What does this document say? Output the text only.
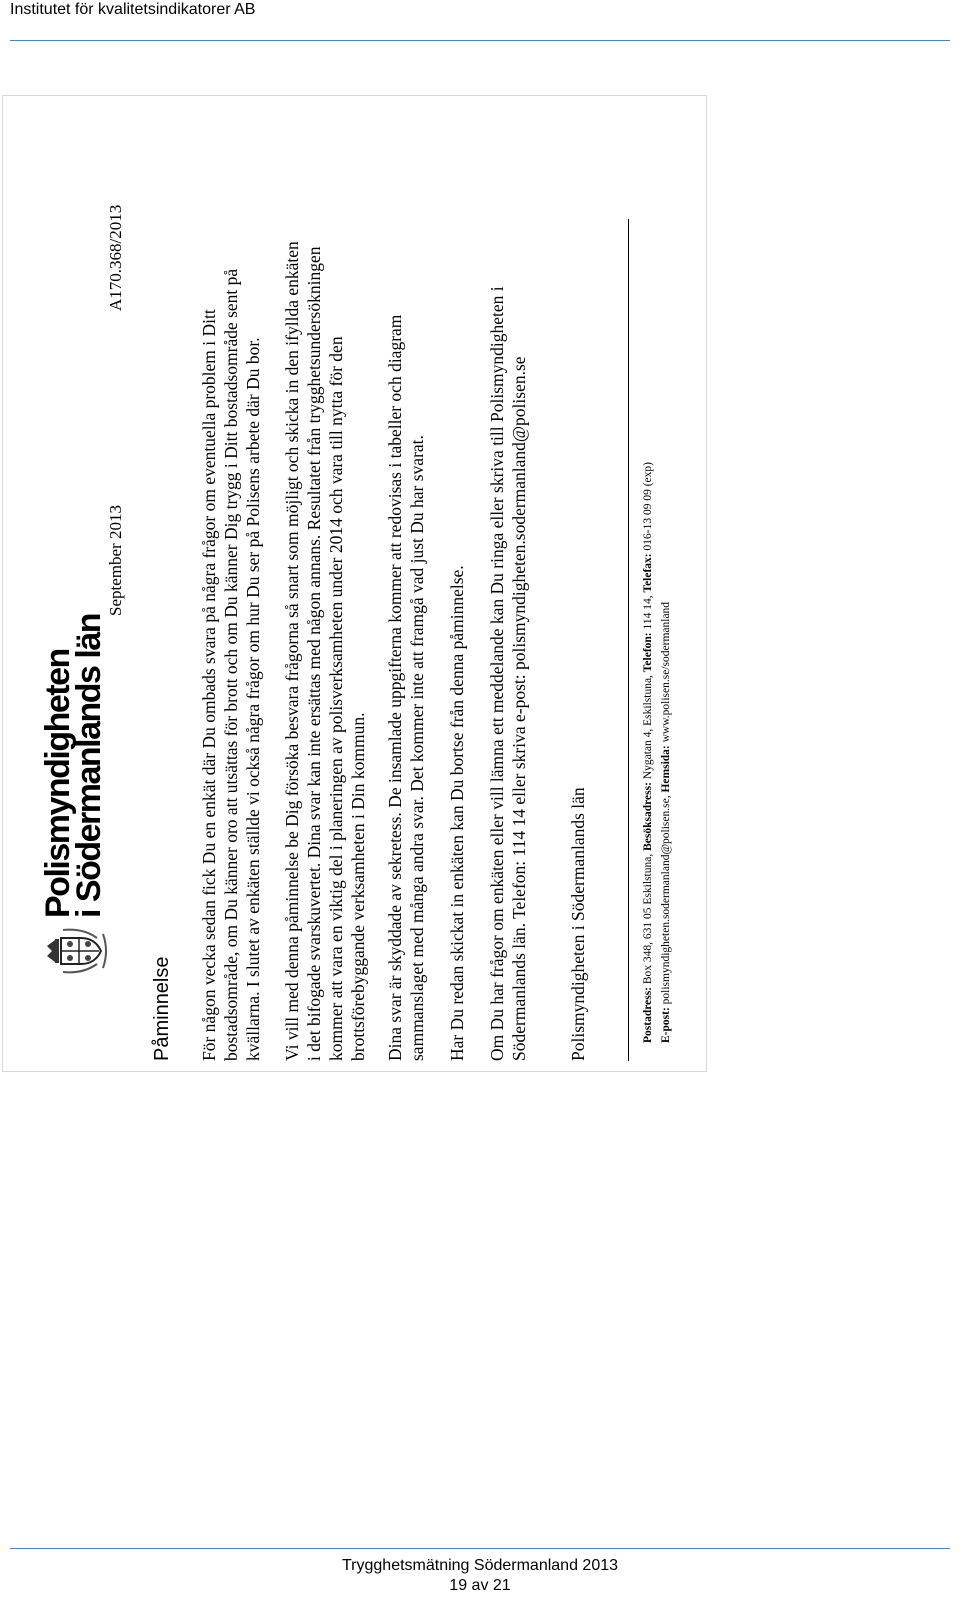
Institutet för kvalitetsindikatorer AB
Polismyndigheten
i Södermanlands län
September 2013
A170.368/2013
Påminnelse För någon vecka sedan fick Du en enkät där Du ombads svara på några frågor om eventuella problem i Ditt bostadsområde, om Du känner oro att utsättas för brott och om Du känner Dig trygg i Ditt bostadsområde sent på kvällarna. I slutet av enkäten ställde vi också några frågor om hur Du ser på Polisens arbete där Du bor. Vi vill med denna påminnelse be Dig försöka besvara frågorna så snart som möjligt och skicka in den ifyllda enkäten i det bifogade svarskuvertet. Dina svar kan inte ersättas med någon annans. Resultatet från trygghetsundersökningen kommer att vara en viktig del i planeringen av polisverksamheten under 2014 och vara till nytta för den brottsförebyggande verksamheten i Din kommun. Dina svar är skyddade av sekretess. De insamlade uppgifterna kommer att redovisas i tabeller och diagram sammanslaget med många andra svar. Det kommer inte att framgå vad just Du har svarat. Har Du redan skickat in enkäten kan Du bortse från denna påminnelse. Om Du har frågor om enkäten eller vill lämna ett meddelande kan Du ringa eller skriva till Polismyndigheten i Södermanlands län. Telefon: 114 14 eller skriva e-post: polismyndigheten.sodermanland@polisen.se Polismyndigheten i Södermanlands län	Postadress: Box 348, 631 05 Eskilstuna, Besöksadress: Nygatan 4, Eskilstuna, Telefon: 114 14, Telefax: 016-13 09 09 (exp)
E-post: polismyndigheten.sodermanland@polisen.se, Hemsida: www.polisen.se/sodermanland
Trygghetsmätning Södermanland 2013
19 av 21
